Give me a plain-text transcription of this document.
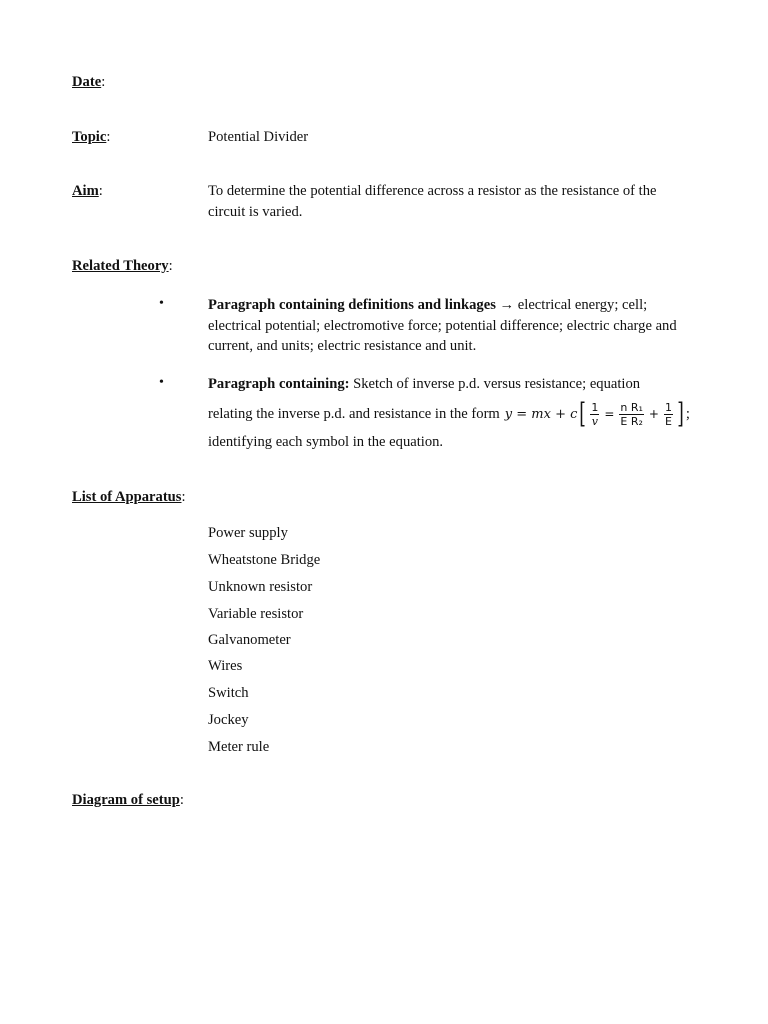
Date:
Topic:	Potential Divider
Aim:	To determine the potential difference across a resistor as the resistance of the circuit is varied.
Related Theory:
•	Paragraph containing definitions and linkages → electrical energy; cell; electrical potential; electromotive force; potential difference; electric charge and current, and units; electric resistance and unit.
•	Paragraph containing: Sketch of inverse p.d. versus resistance; equation
relating the inverse p.d. and resistance in the form y = mx + c [ $\frac{1}{v} = \frac{\text{n R₁}}{\text{E R₂}} + \frac{1}{E}$ ] ;
identifying each symbol in the equation.
List of Apparatus:
Power supply
Wheatstone Bridge
Unknown resistor
Variable resistor
Galvanometer
Wires
Switch
Jockey
Meter rule
Diagram of setup:
